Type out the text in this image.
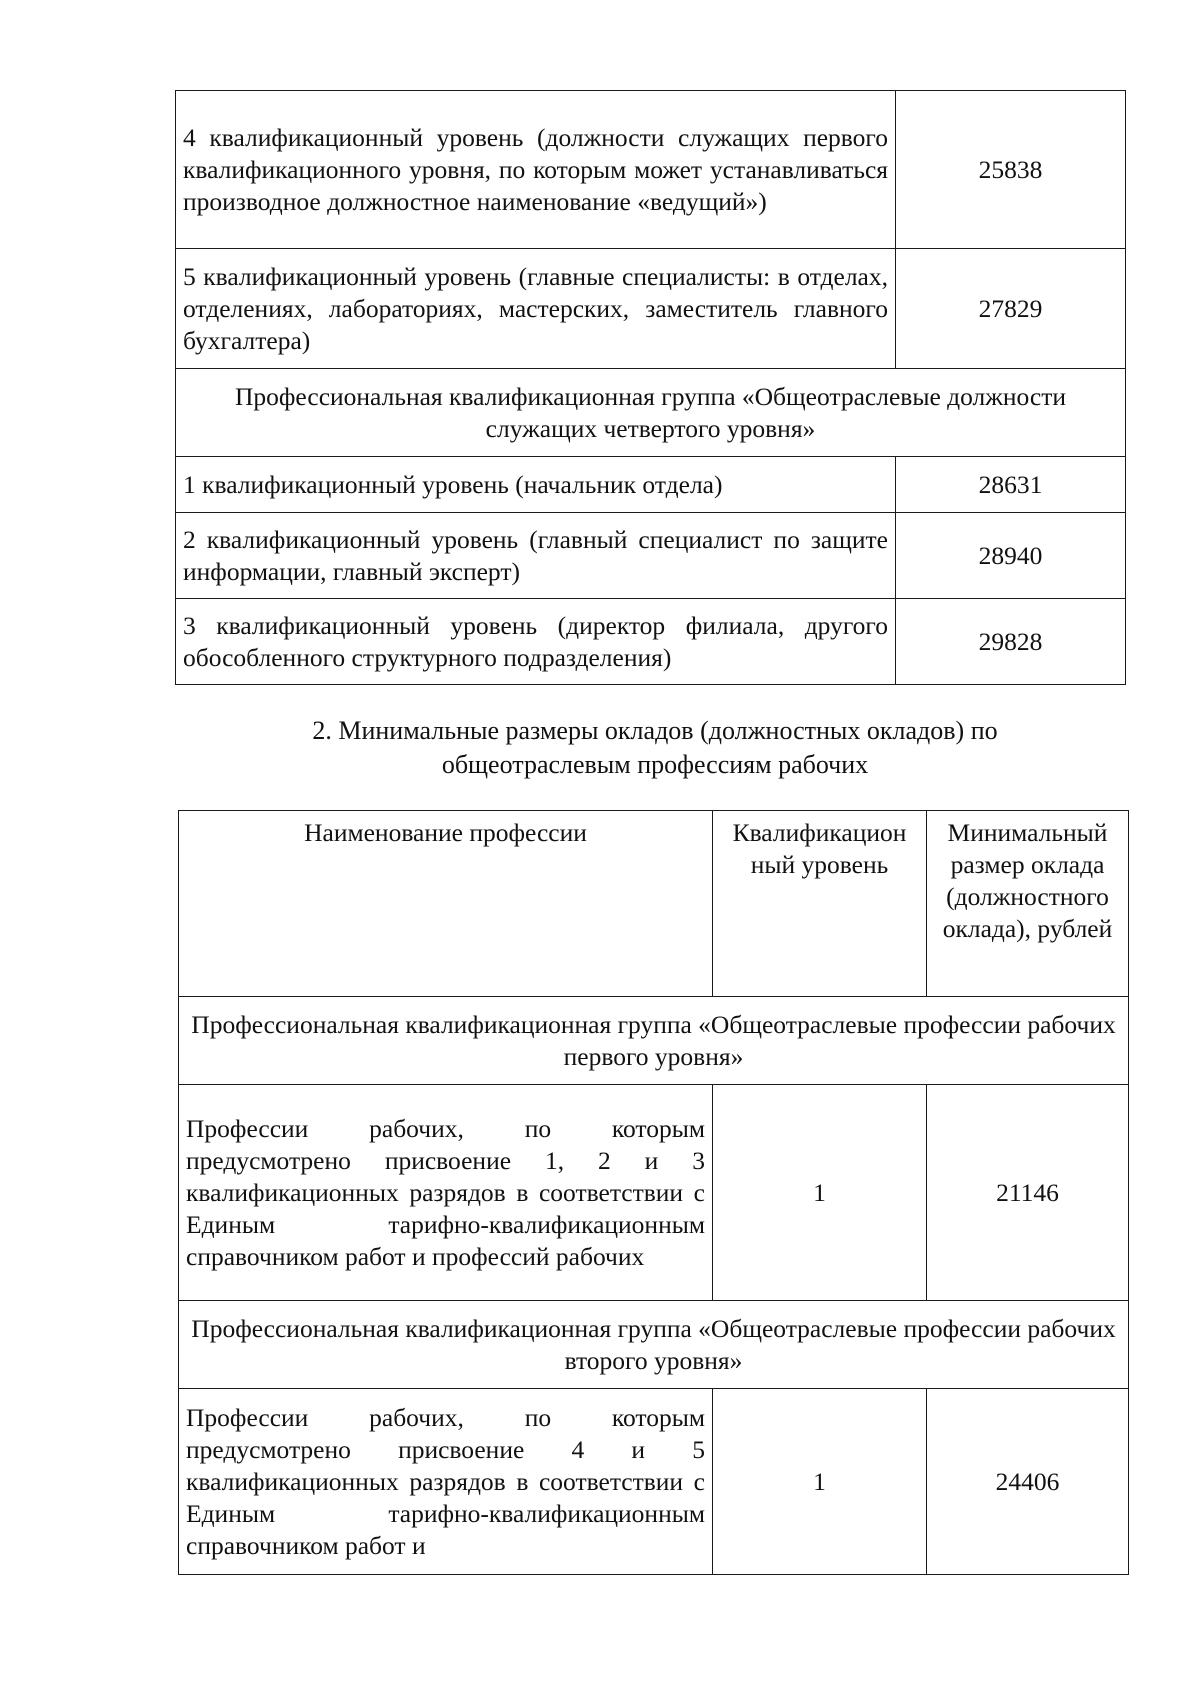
4 квалификационный уровень (должности служащих первого квалификационного уровня, по которым может устанавливаться производное должностное наименование «ведущий»)	25838
5 квалификационный уровень (главные специалисты: в отделах, отделениях, лабораториях, мастерских, заместитель главного бухгалтера)	27829
Профессиональная квалификационная группа «Общеотраслевые должности служащих четвертого уровня»	
1 квалификационный уровень (начальник отдела)	28631
2 квалификационный уровень (главный специалист по защите информации, главный эксперт)	28940
3 квалификационный уровень (директор филиала, другого обособленного структурного подразделения)	29828
2. Минимальные размеры окладов (должностных окладов) по
общеотраслевым профессиям рабочих
Наименование профессии	Квалификацион ный уровень	Минимальный размер оклада (должностного оклада), рублей
Профессиональная квалификационная группа «Общеотраслевые профессии рабочих первого уровня»		
Профессии рабочих, по которым предусмотрено присвоение 1, 2 и 3 квалификационных разрядов в соответствии с Единым тарифно-квалификационным справочником работ и профессий рабочих	1	21146
Профессиональная квалификационная группа «Общеотраслевые профессии рабочих второго уровня»		
Профессии рабочих, по которым предусмотрено присвоение 4 и 5 квалификационных разрядов в соответствии с Единым тарифно-квалификационным справочником работ и	1	24406
